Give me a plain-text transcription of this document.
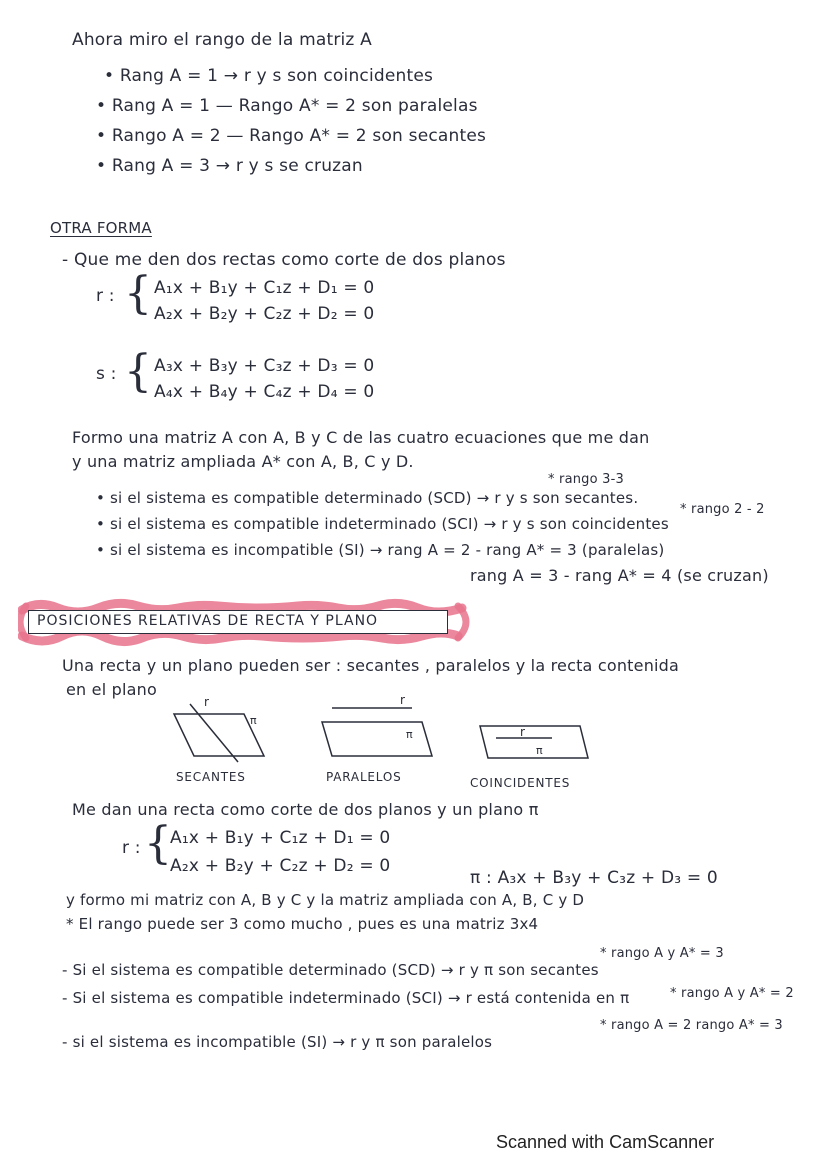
Ahora miro el rango de la matriz A
• Rang A = 1 → r y s son coincidentes
• Rang A = 1 — Rango A* = 2 son paralelas
• Rango A = 2 — Rango A* = 2 son secantes
• Rang A = 3 → r y s se cruzan
OTRA FORMA
- Que me den dos rectas como corte de dos planos
r : { A₁x + B₁y + C₁z + D₁ = 0
A₂x + B₂y + C₂z + D₂ = 0
s : { A₃x + B₃y + C₃z + D₃ = 0
A₄x + B₄y + C₄z + D₄ = 0
Formo una matriz A con A, B y C de las cuatro ecuaciones que me dan
y una matriz ampliada A* con A, B, C y D.
* rango 3-3
• si el sistema es compatible determinado (SCD) → r y s son secantes.
* rango 2 - 2
• si el sistema es compatible indeterminado (SCI) → r y s son coincidentes
• si el sistema es incompatible (SI) → rang A = 2 - rang A* = 3 (paralelas)
rang A = 3 - rang A* = 4 (se cruzan)
POSICIONES RELATIVAS DE RECTA Y PLANO
Una recta y un plano pueden ser : secantes , paralelos y la recta contenida
en el plano
r
π
r
π	r
π
SECANTES	PARALELOS	COINCIDENTES
Me dan una recta como corte de dos planos y un plano π
r : {
A₁x + B₁y + C₁z + D₁ = 0
A₂x + B₂y + C₂z + D₂ = 0
π : A₃x + B₃y + C₃z + D₃ = 0
y formo mi matriz con A, B y C y la matriz ampliada con A, B, C y D
* El rango puede ser 3 como mucho , pues es una matriz 3x4
* rango A y A* = 3
- Si el sistema es compatible determinado (SCD) → r y π son secantes
* rango A y A* = 2
- Si el sistema es compatible indeterminado (SCI) → r está contenida en π
* rango A = 2 rango A* = 3
- si el sistema es incompatible (SI) → r y π son paralelos
Scanned with CamScanner
